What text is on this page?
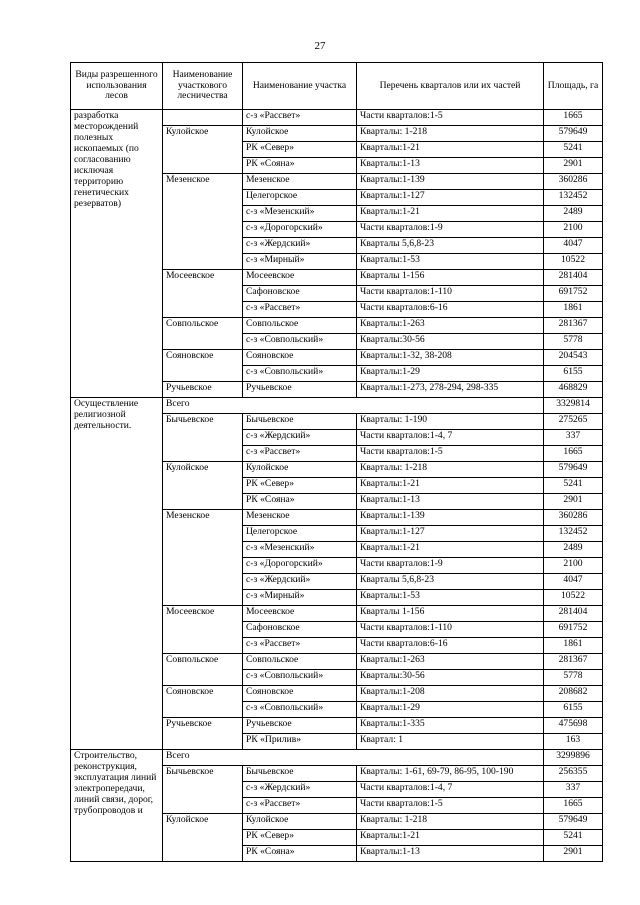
27
Виды разрешенного использования лесов	Наименование участкового лесничества	Наименование участка	Перечень кварталов или их частей	Площадь, га
разработка месторождений полезных ископаемых (по согласованию исключая территорию генетических резерватов)		с-з «Рассвет»	Части кварталов:1-5	1665
	Кулойское	Кулойское	Кварталы: 1-218	579649
		РК «Север»	Кварталы:1-21	5241
		РК «Сояна»	Кварталы:1-13	2901
	Мезенское	Мезенское	Кварталы:1-139	360286
		Целегорское	Кварталы:1-127	132452
		с-з «Мезенский»	Кварталы:1-21	2489
		с-з «Дорогорский»	Части кварталов:1-9	2100
		с-з «Жердский»	Кварталы 5,6,8-23	4047
		с-з «Мирный»	Кварталы:1-53	10522
	Мосеевское	Мосеевское	Кварталы 1-156	281404
		Сафоновское	Части кварталов:1-110	691752
		с-з «Рассвет»	Части кварталов:6-16	1861
	Совпольское	Совпольское	Кварталы:1-263	281367
		с-з «Совпольский»	Кварталы:30-56	5778
	Сояновское	Сояновское	Кварталы:1-32, 38-208	204543
		с-з «Совпольский»	Кварталы:1-29	6155
	Ручьевское	Ручьевское	Кварталы:1-273, 278-294, 298-335	468829
Осуществление религиозной деятельности.	Всего			3329814
	Бычьевское	Бычьевское	Кварталы: 1-190	275265
		с-з «Жердский»	Части кварталов:1-4, 7	337
		с-з «Рассвет»	Части кварталов:1-5	1665
	Кулойское	Кулойское	Кварталы: 1-218	579649
		РК «Север»	Кварталы:1-21	5241
		РК «Сояна»	Кварталы:1-13	2901
	Мезенское	Мезенское	Кварталы:1-139	360286
		Целегорское	Кварталы:1-127	132452
		с-з «Мезенский»	Кварталы:1-21	2489
		с-з «Дорогорский»	Части кварталов:1-9	2100
		с-з «Жердский»	Кварталы 5,6,8-23	4047
		с-з «Мирный»	Кварталы:1-53	10522
	Мосеевское	Мосеевское	Кварталы 1-156	281404
		Сафоновское	Части кварталов:1-110	691752
		с-з «Рассвет»	Части кварталов:6-16	1861
	Совпольское	Совпольское	Кварталы:1-263	281367
		с-з «Совпольский»	Кварталы:30-56	5778
	Сояновское	Сояновское	Кварталы:1-208	208682
		с-з «Совпольский»	Кварталы:1-29	6155
	Ручьевское	Ручьевское	Кварталы:1-335	475698
		РК «Прилив»	Квартал: 1	163
Строительство, реконструкция, эксплуатация линий электропередачи, линий связи, дорог, трубопроводов и	Всего			3299896
	Бычьевское	Бычьевское	Кварталы: 1-61, 69-79, 86-95, 100-190	256355
		с-з «Жердский»	Части кварталов:1-4, 7	337
		с-з «Рассвет»	Части кварталов:1-5	1665
	Кулойское	Кулойское	Кварталы: 1-218	579649
		РК «Север»	Кварталы:1-21	5241
		РК «Сояна»	Кварталы:1-13	2901
